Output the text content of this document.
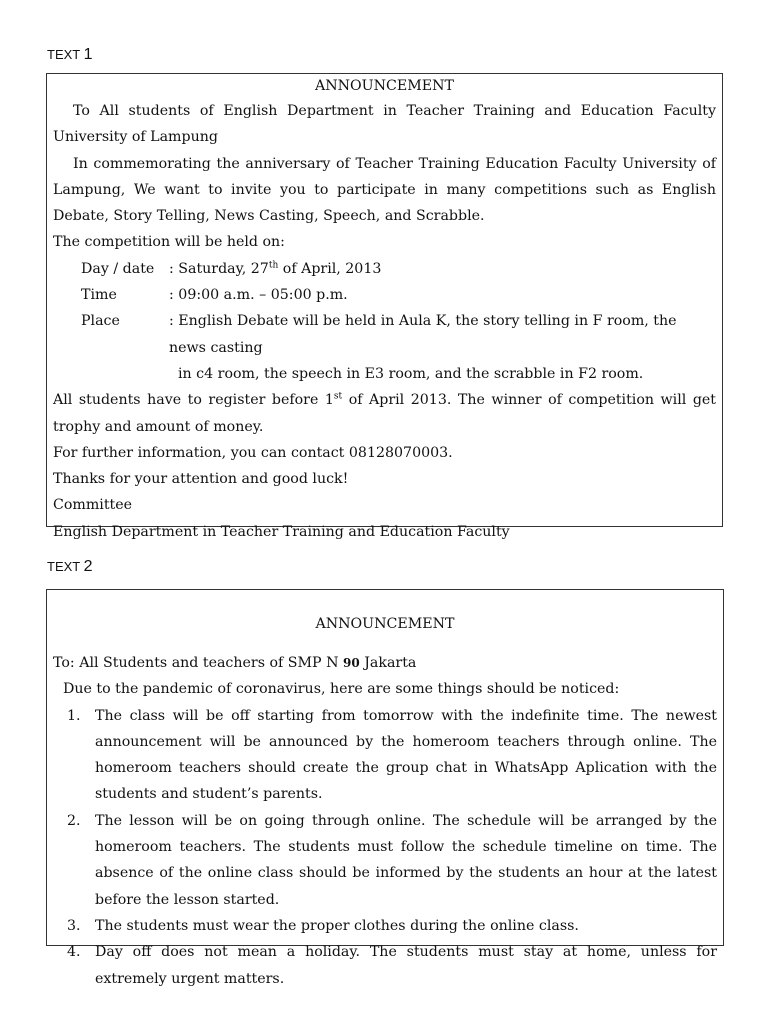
TEXT 1

ANNOUNCEMENT

To All students of English Department in Teacher Training and Education Faculty University of Lampung

In commemorating the anniversary of Teacher Training Education Faculty University of Lampung, We want to invite you to participate in many competitions such as English Debate, Story Telling, News Casting, Speech, and Scrabble.

The competition will be held on:

Day / date	: Saturday, 27th of April, 2013
Time	: 09:00 a.m. – 05:00 p.m.
Place	: English Debate will be held in Aula K, the story telling in F room, the news casting

in c4 room, the speech in E3 room, and the scrabble in F2 room.

All students have to register before 1st of April 2013. The winner of competition will get trophy and amount of money.

For further information, you can contact 08128070003.

Thanks for your attention and good luck!

Committee

English Department in Teacher Training and Education Faculty

TEXT 2

ANNOUNCEMENT

To: All Students and teachers of SMP N 90 Jakarta

Due to the pandemic of coronavirus, here are some things should be noticed:

1.	The class will be off starting from tomorrow with the indefinite time. The newest announcement will be announced by the homeroom teachers through online. The homeroom teachers should create the group chat in WhatsApp Aplication with the students and student’s parents.
2.	The lesson will be on going through online. The schedule will be arranged by the homeroom teachers. The students must follow the schedule timeline on time. The absence of the online class should be informed by the students an hour at the latest before the lesson started.
3.	The students must wear the proper clothes during the online class.
4.	Day off does not mean a holiday. The students must stay at home, unless for extremely urgent matters.
